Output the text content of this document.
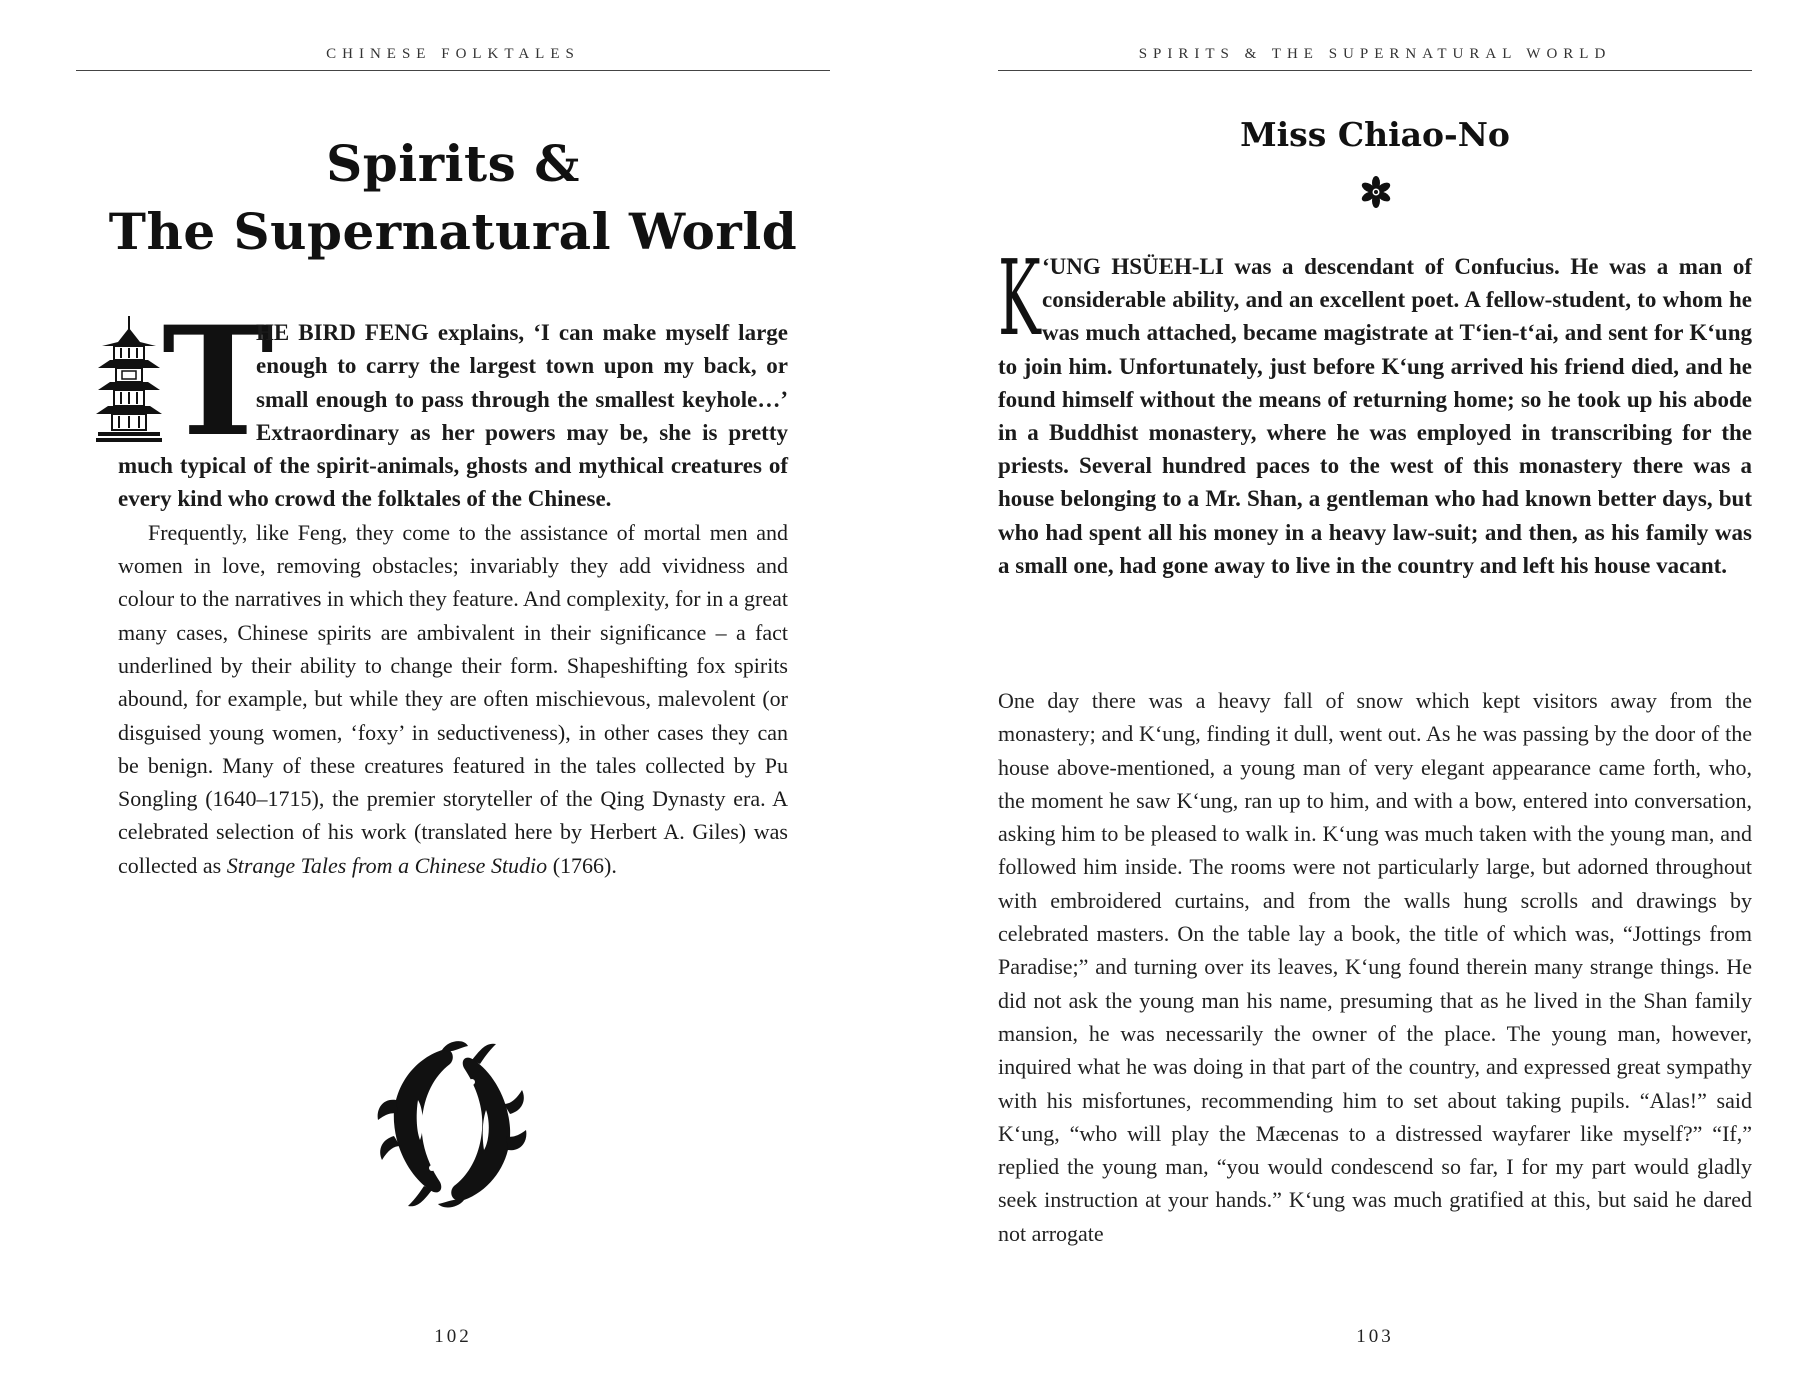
CHINESE FOLKTALES
Spirits &
The Supernatural World
T

HE BIRD FENG explains, ‘I can make myself large enough to carry the largest town upon my back, or small enough to pass through the smallest keyhole…’ Extraordinary as her powers may be, she is pretty much typical of the spirit-animals, ghosts and mythical creatures of every kind who crowd the folktales of the Chinese.

Frequently, like Feng, they come to the assistance of mortal men and women in love, removing obstacles; invariably they add vividness and colour to the narratives in which they feature. And complexity, for in a great many cases, Chinese spirits are ambivalent in their significance – a fact underlined by their ability to change their form. Shapeshifting fox spirits abound, for example, but while they are often mischievous, malevolent (or disguised young women, ‘foxy’ in seductiveness), in other cases they can be benign. Many of these creatures featured in the tales collected by Pu Songling (1640–1715), the premier storyteller of the Qing Dynasty era. A celebrated selection of his work (translated here by Herbert A. Giles) was collected as Strange Tales from a Chinese Studio (1766).

102
SPIRITS & THE SUPERNATURAL WORLD
Miss Chiao-No
K ‘UNG HSÜEH-LI was a descendant of Confucius. He was a man of considerable ability, and an excellent poet. A fellow-student, to whom he was much attached, became magistrate at T‘ien-t‘ai, and sent for K‘ung to join him. Unfortunately, just before K‘ung arrived his friend died, and he found himself without the means of returning home; so he took up his abode in a Buddhist monastery, where he was employed in transcribing for the priests. Several hundred paces to the west of this monastery there was a house belonging to a Mr. Shan, a gentleman who had known better days, but who had spent all his money in a heavy law-suit; and then, as his family was a small one, had gone away to live in the country and left his house vacant.

One day there was a heavy fall of snow which kept visitors away from the monastery; and K‘ung, finding it dull, went out. As he was passing by the door of the house above-mentioned, a young man of very elegant appearance came forth, who, the moment he saw K‘ung, ran up to him, and with a bow, entered into conversation, asking him to be pleased to walk in. K‘ung was much taken with the young man, and followed him inside. The rooms were not particularly large, but adorned throughout with embroidered curtains, and from the walls hung scrolls and drawings by celebrated masters. On the table lay a book, the title of which was, “Jottings from Paradise;” and turning over its leaves, K‘ung found therein many strange things. He did not ask the young man his name, presuming that as he lived in the Shan family mansion, he was necessarily the owner of the place. The young man, however, inquired what he was doing in that part of the country, and expressed great sympathy with his misfortunes, recommending him to set about taking pupils. “Alas!” said K‘ung, “who will play the Mæcenas to a distressed wayfarer like myself?” “If,” replied the young man, “you would condescend so far, I for my part would gladly seek instruction at your hands.” K‘ung was much gratified at this, but said he dared not arrogate

103
